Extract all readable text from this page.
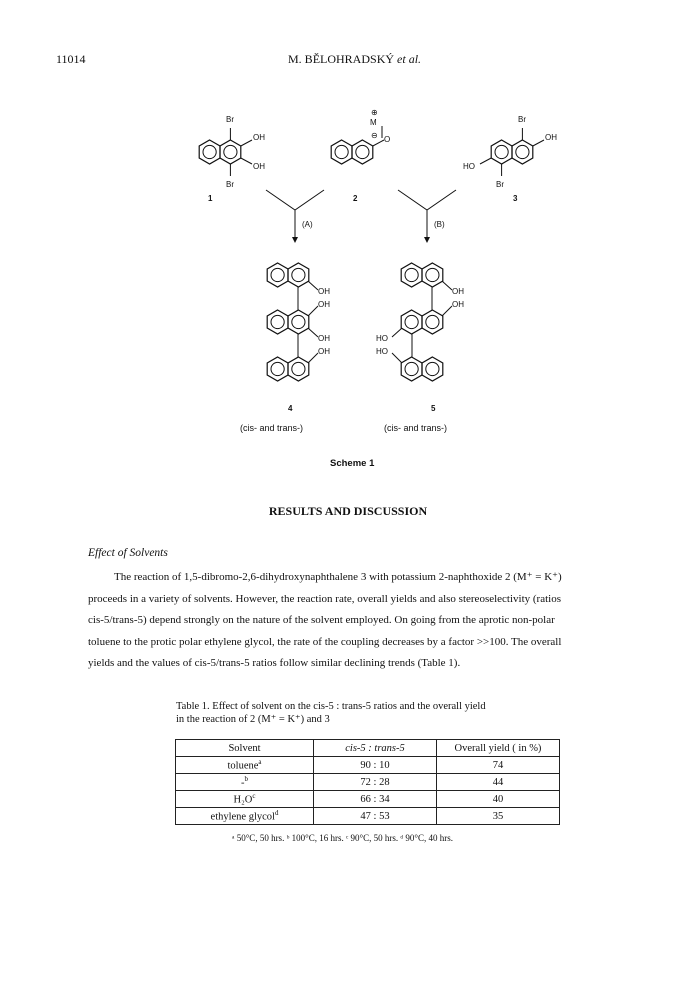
11014	M. BĚLOHRADSKÝ et al.
Br
OH
OH
Br
1
⊕
M
⊖ O
2
Br
OH
HO
Br
3
(A)	(B)
OH
OH
OH
OH
4
(cis- and trans-)
OH
OH
HO
HO
5
(cis- and trans-)
Scheme 1
RESULTS AND DISCUSSION
Effect of Solvents
The reaction of 1,5-dibromo-2,6-dihydroxynaphthalene 3 with potassium 2-naphthoxide 2 (M⁺ = K⁺)
proceeds in a variety of solvents. However, the reaction rate, overall yields and also stereoselectivity (ratios
cis-5/trans-5) depend strongly on the nature of the solvent employed. On going from the aprotic non-polar
toluene to the protic polar ethylene glycol, the rate of the coupling decreases by a factor >>100. The overall
yields and the values of cis-5/trans-5 ratios follow similar declining trends (Table 1).
Table 1. Effect of solvent on the cis-5 : trans-5 ratios and the overall yield
in the reaction of 2 (M⁺ = K⁺) and 3
Solvent	cis-5 : trans-5	Overall yield ( in %)
toluene$^a$	90 : 10	74
-$^b$	72 : 28	44
$H_2O^c$	66 : 34	40
ethylene glycol$^d$	47 : 53	35
ᵃ 50°C, 50 hrs. ᵇ 100°C, 16 hrs. ᶜ 90°C, 50 hrs. ᵈ 90°C, 40 hrs.
